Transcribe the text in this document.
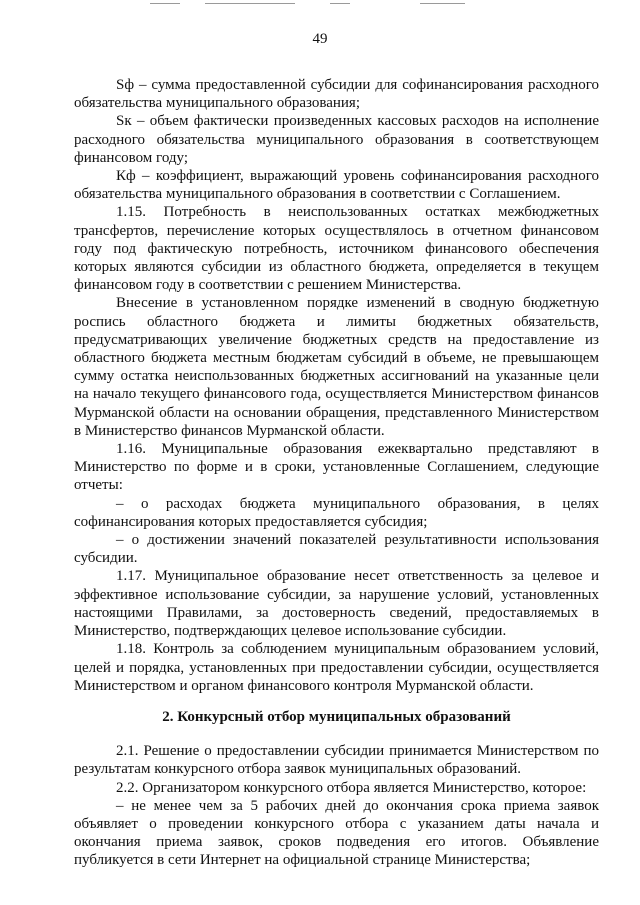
49

Sф – сумма предоставленной субсидии для софинансирования расходного обязательства муниципального образования;

Sк – объем фактически произведенных кассовых расходов на исполнение расходного обязательства муниципального образования в соответствующем финансовом году;

Кф – коэффициент, выражающий уровень софинансирования расходного обязательства муниципального образования в соответствии с Соглашением.

1.15. Потребность в неиспользованных остатках межбюджетных трансфертов, перечисление которых осуществлялось в отчетном финансовом году под фактическую потребность, источником финансового обеспечения которых являются субсидии из областного бюджета, определяется в текущем финансовом году в соответствии с решением Министерства.

Внесение в установленном порядке изменений в сводную бюджетную роспись областного бюджета и лимиты бюджетных обязательств, предусматривающих увеличение бюджетных средств на предоставление из областного бюджета местным бюджетам субсидий в объеме, не превышающем сумму остатка неиспользованных бюджетных ассигнований на указанные цели на начало текущего финансового года, осуществляется Министерством финансов Мурманской области на основании обращения, представленного Министерством в Министерство финансов Мурманской области.

1.16. Муниципальные образования ежеквартально представляют в Министерство по форме и в сроки, установленные Соглашением, следующие отчеты:

– о расходах бюджета муниципального образования, в целях софинансирования которых предоставляется субсидия;

– о достижении значений показателей результативности использования субсидии.

1.17. Муниципальное образование несет ответственность за целевое и эффективное использование субсидии, за нарушение условий, установленных настоящими Правилами, за достоверность сведений, предоставляемых в Министерство, подтверждающих целевое использование субсидии.

1.18. Контроль за соблюдением муниципальным образованием условий, целей и порядка, установленных при предоставлении субсидии, осуществляется Министерством и органом финансового контроля Мурманской области.

2. Конкурсный отбор муниципальных образований

2.1. Решение о предоставлении субсидии принимается Министерством по результатам конкурсного отбора заявок муниципальных образований.

2.2. Организатором конкурсного отбора является Министерство, которое:

– не менее чем за 5 рабочих дней до окончания срока приема заявок объявляет о проведении конкурсного отбора с указанием даты начала и окончания приема заявок, сроков подведения его итогов. Объявление публикуется в сети Интернет на официальной странице Министерства;
